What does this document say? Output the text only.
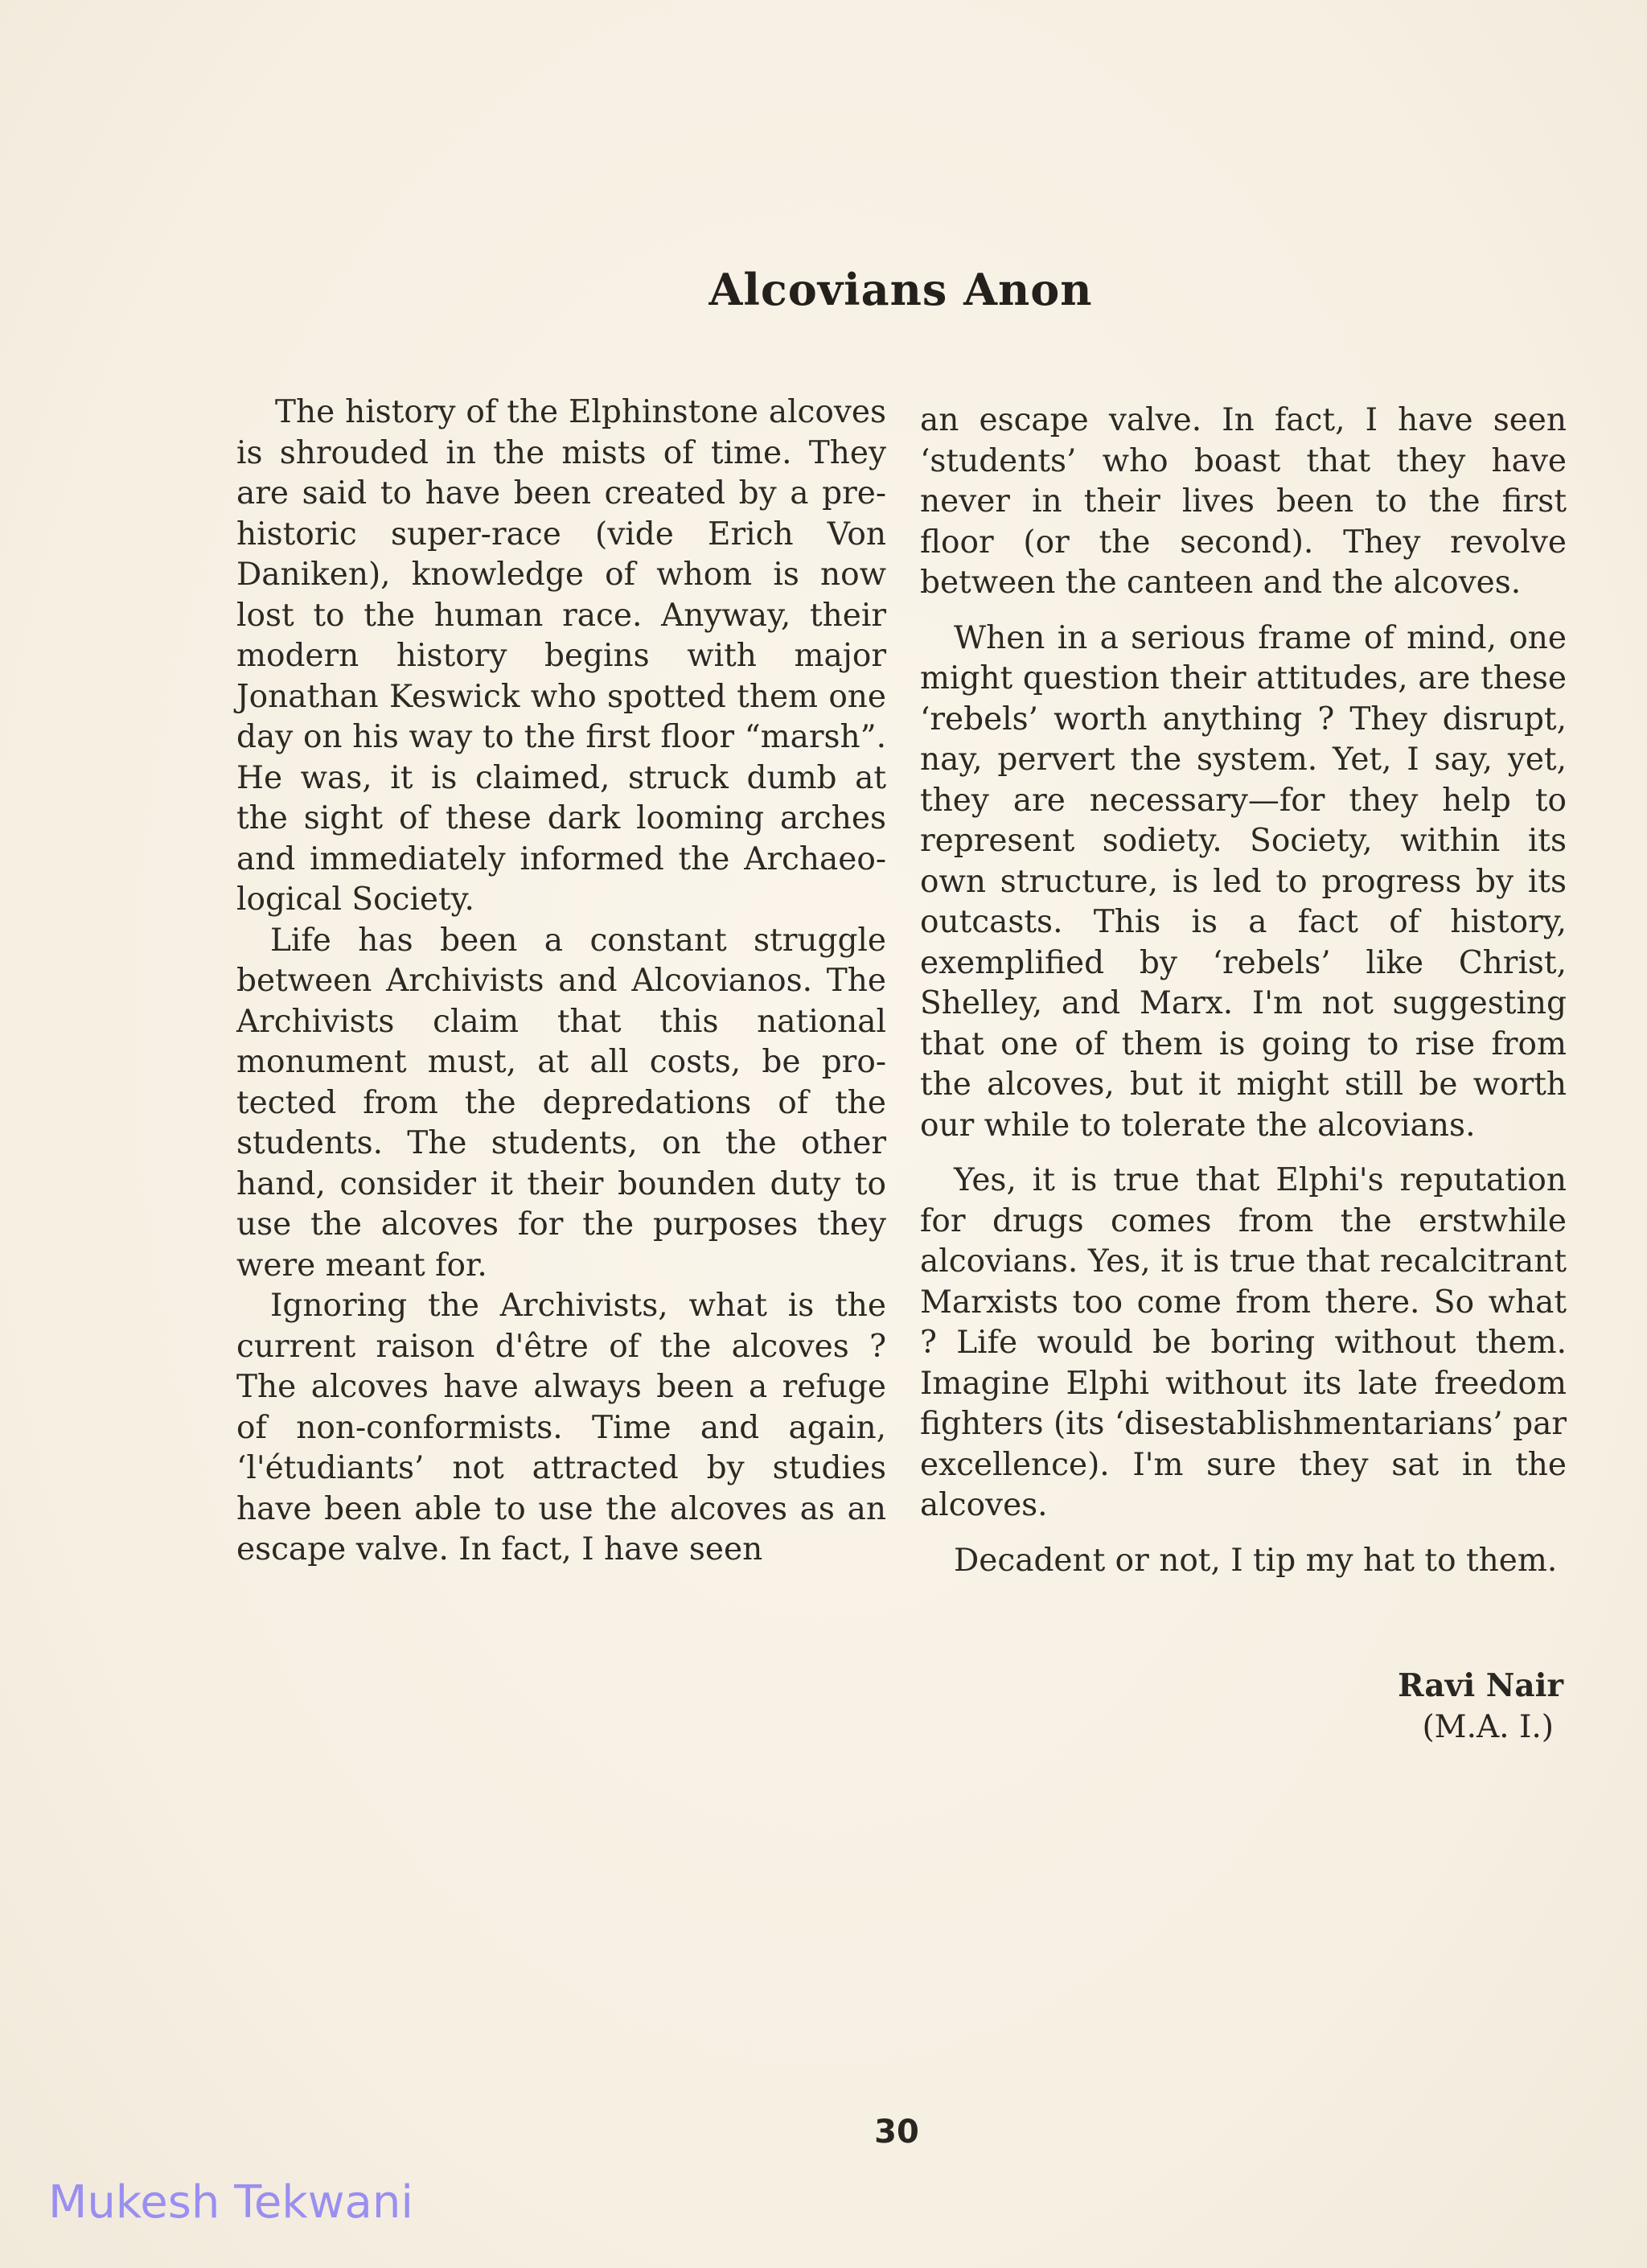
Alcovians Anon

The history of the Elphinstone alcoves is shrouded in the mists of time. They are said to have been created by a pre-historic super-race (vide Erich Von Daniken), knowledge of whom is now lost to the human race. Anyway, their modern history begins with major Jonathan Keswick who spotted them one day on his way to the first floor “marsh”. He was, it is claimed, struck dumb at the sight of these dark looming arches and immediately informed the Archaeological Society.

Life has been a constant struggle between Archivists and Alcovianos. The Archivists claim that this national monument must, at all costs, be protected from the depredations of the students. The students, on the other hand, consider it their bounden duty to use the alcoves for the purposes they were meant for.

Ignoring the Archivists, what is the current raison d'être of the alcoves ? The alcoves have always been a refuge of non-conformists. Time and again, ‘l'étudiants’ not attracted by studies have been able to use the alcoves as an escape valve. In fact, I have seen

an escape valve. In fact, I have seen ‘students’ who boast that they have never in their lives been to the first floor (or the second). They revolve between the canteen and the alcoves.

When in a serious frame of mind, one might question their attitudes, are these ‘rebels’ worth anything ? They disrupt, nay, pervert the system. Yet, I say, yet, they are necessary—for they help to represent sodiety. Society, within its own structure, is led to progress by its outcasts. This is a fact of history, exemplified by ‘rebels’ like Christ, Shelley, and Marx. I'm not suggesting that one of them is going to rise from the alcoves, but it might still be worth our while to tolerate the alcovians.

Yes, it is true that Elphi's reputation for drugs comes from the erstwhile alcovians. Yes, it is true that recalcitrant Marxists too come from there. So what ? Life would be boring without them. Imagine Elphi without its late freedom fighters (its ‘disestablishmentarians’ par excellence). I'm sure they sat in the alcoves.

Decadent or not, I tip my hat to them.

Ravi Nair
(M.A. I.)
30
Mukesh Tekwani
